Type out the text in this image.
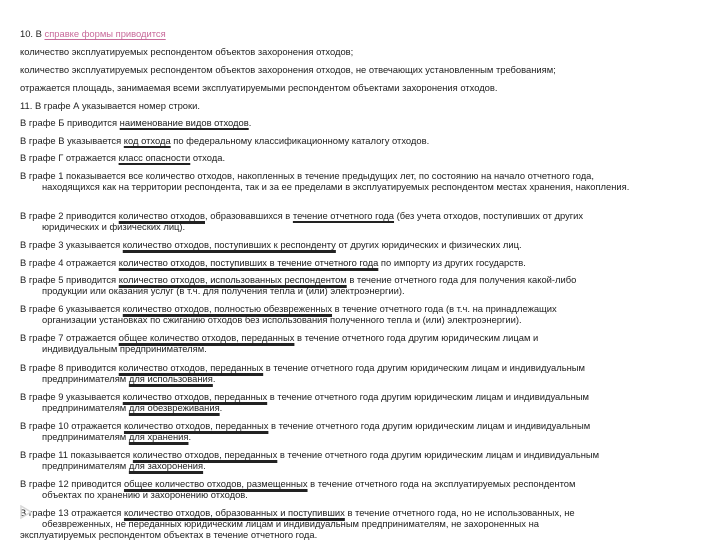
10. В справке формы приводится

количество эксплуатируемых респондентом объектов захоронения отходов;

количество эксплуатируемых респондентом объектов захоронения отходов, не отвечающих установленным требованиям;

отражается площадь, занимаемая всеми эксплуатируемыми респондентом объектами захоронения отходов.

11. В графе А указывается номер строки.

В графе Б приводится наименование видов отходов.

В графе В указывается код отхода по федеральному классификационному каталогу отходов.

В графе Г отражается класс опасности отхода.

В графе 1 показывается все количество отходов, накопленных в течение предыдущих лет, по состоянию на начало отчетного года,
находящихся как на территории респондента, так и за ее пределами в эксплуатируемых респондентом местах хранения, накопления.

В графе 2 приводится количество отходов, образовавшихся в течение отчетного года (без учета отходов, поступивших от других
юридических и физических лиц).

В графе 3 указывается количество отходов, поступивших к респонденту от других юридических и физических лиц.

В графе 4 отражается количество отходов, поступивших в течение отчетного года по импорту из других государств.

В графе 5 приводится количество отходов, использованных респондентом в течение отчетного года для получения какой-либо
продукции или оказания услуг (в т.ч. для получения тепла и (или) электроэнергии).

В графе 6 указывается количество отходов, полностью обезвреженных в течение отчетного года (в т.ч. на принадлежащих
организации установках по сжиганию отходов без использования полученного тепла и (или) электроэнергии).

В графе 7 отражается общее количество отходов, переданных в течение отчетного года другим юридическим лицам и
индивидуальным предпринимателям.

В графе 8 приводится количество отходов, переданных в течение отчетного года другим юридическим лицам и индивидуальным
предпринимателям для использования.

В графе 9 указывается количество отходов, переданных в течение отчетного года другим юридическим лицам и индивидуальным
предпринимателям для обезвреживания.

В графе 10 отражается количество отходов, переданных в течение отчетного года другим юридическим лицам и индивидуальным
предпринимателям для хранения.

В графе 11 показывается количество отходов, переданных в течение отчетного года другим юридическим лицам и индивидуальным
предпринимателям для захоронения.

В графе 12 приводится общее количество отходов, размещенных в течение отчетного года на эксплуатируемых респондентом
объектах по хранению и захоронению отходов.

В графе 13 отражается количество отходов, образованных и поступивших в течение отчетного года, но не использованных, не
обезвреженных, не переданных юридическим лицам и индивидуальным предпринимателям, не захороненных на
эксплуатируемых респондентом объектах в течение отчетного года.
